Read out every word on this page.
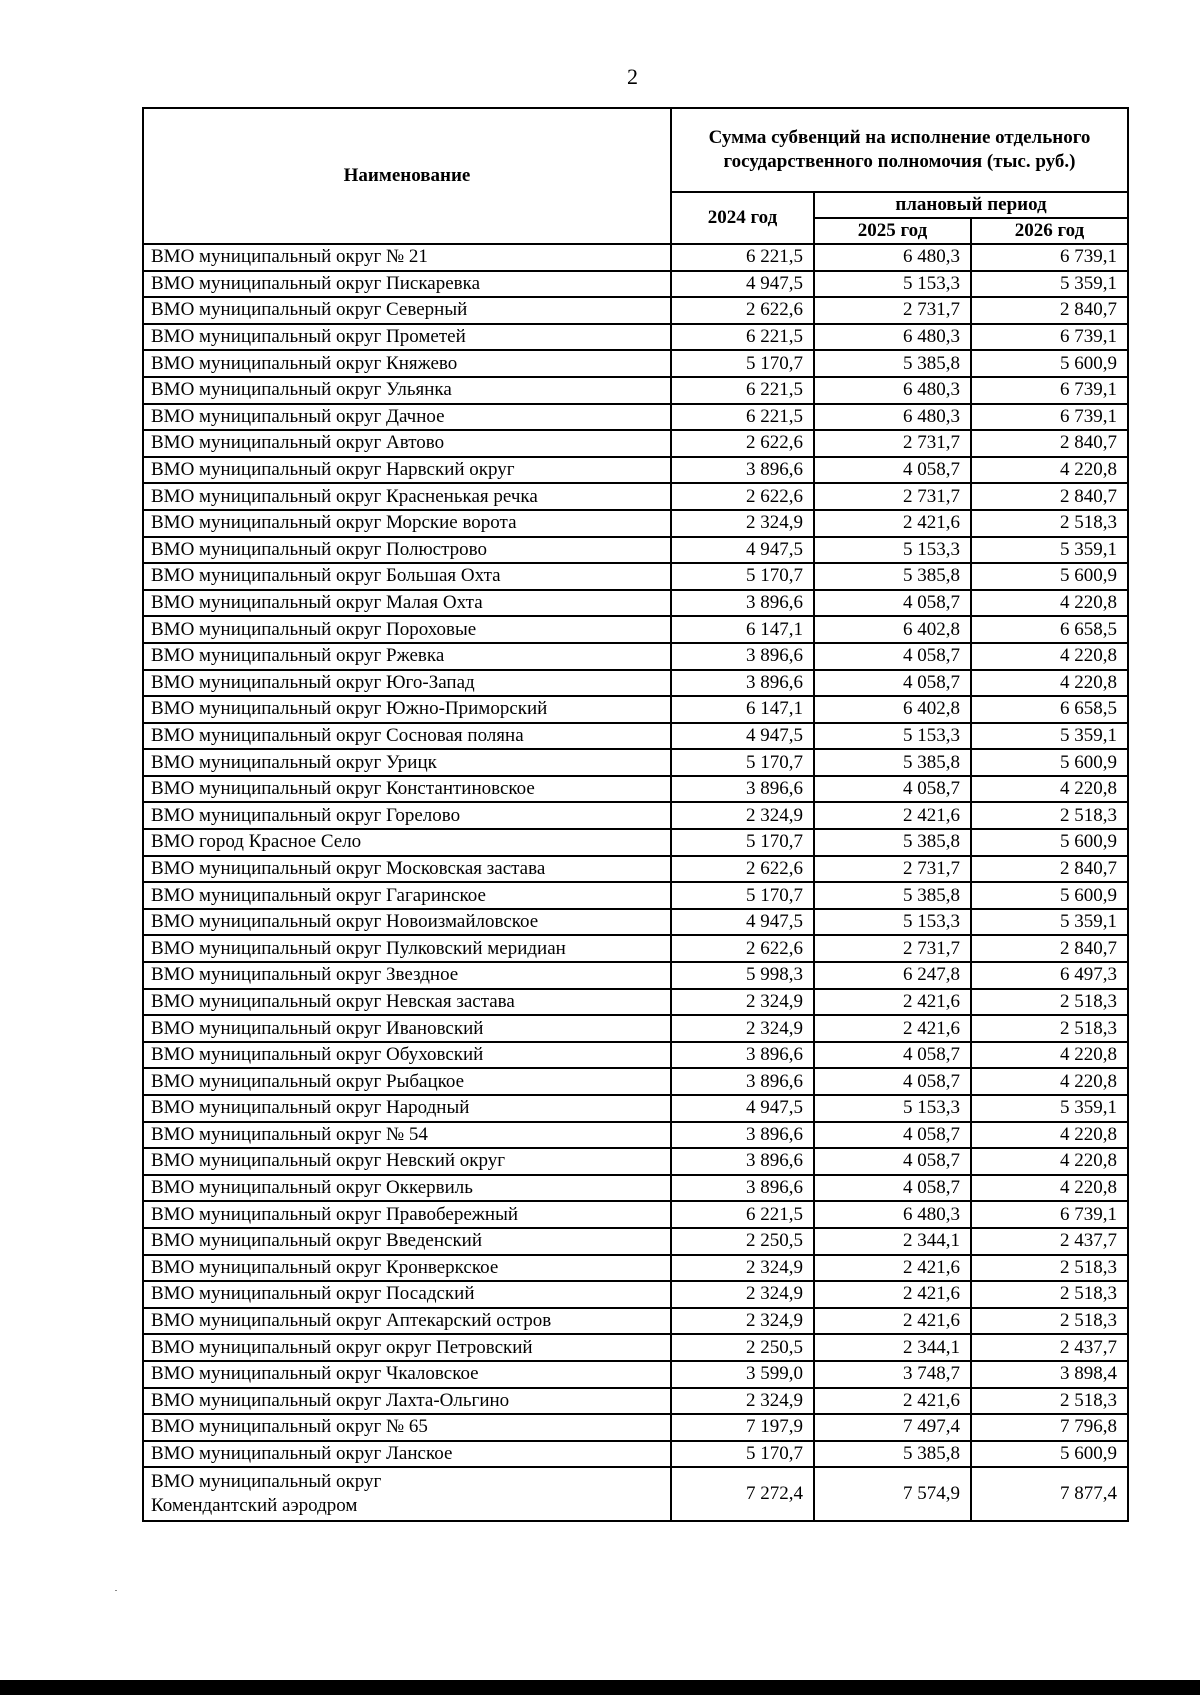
2
Наименование	Сумма субвенций на исполнение отдельного государственного полномочия (тыс. руб.)		
	2024 год	плановый период	
		2025 год	2026 год
ВМО муниципальный округ № 21	6 221,5	6 480,3	6 739,1
ВМО муниципальный округ Пискаревка	4 947,5	5 153,3	5 359,1
ВМО муниципальный округ Северный	2 622,6	2 731,7	2 840,7
ВМО муниципальный округ Прометей	6 221,5	6 480,3	6 739,1
ВМО муниципальный округ Княжево	5 170,7	5 385,8	5 600,9
ВМО муниципальный округ Ульянка	6 221,5	6 480,3	6 739,1
ВМО муниципальный округ Дачное	6 221,5	6 480,3	6 739,1
ВМО муниципальный округ Автово	2 622,6	2 731,7	2 840,7
ВМО муниципальный округ Нарвский округ	3 896,6	4 058,7	4 220,8
ВМО муниципальный округ Красненькая речка	2 622,6	2 731,7	2 840,7
ВМО муниципальный округ Морские ворота	2 324,9	2 421,6	2 518,3
ВМО муниципальный округ Полюстрово	4 947,5	5 153,3	5 359,1
ВМО муниципальный округ Большая Охта	5 170,7	5 385,8	5 600,9
ВМО муниципальный округ Малая Охта	3 896,6	4 058,7	4 220,8
ВМО муниципальный округ Пороховые	6 147,1	6 402,8	6 658,5
ВМО муниципальный округ Ржевка	3 896,6	4 058,7	4 220,8
ВМО муниципальный округ Юго-Запад	3 896,6	4 058,7	4 220,8
ВМО муниципальный округ Южно-Приморский	6 147,1	6 402,8	6 658,5
ВМО муниципальный округ Сосновая поляна	4 947,5	5 153,3	5 359,1
ВМО муниципальный округ Урицк	5 170,7	5 385,8	5 600,9
ВМО муниципальный округ Константиновское	3 896,6	4 058,7	4 220,8
ВМО муниципальный округ Горелово	2 324,9	2 421,6	2 518,3
ВМО город Красное Село	5 170,7	5 385,8	5 600,9
ВМО муниципальный округ Московская застава	2 622,6	2 731,7	2 840,7
ВМО муниципальный округ Гагаринское	5 170,7	5 385,8	5 600,9
ВМО муниципальный округ Новоизмайловское	4 947,5	5 153,3	5 359,1
ВМО муниципальный округ Пулковский меридиан	2 622,6	2 731,7	2 840,7
ВМО муниципальный округ Звездное	5 998,3	6 247,8	6 497,3
ВМО муниципальный округ Невская застава	2 324,9	2 421,6	2 518,3
ВМО муниципальный округ Ивановский	2 324,9	2 421,6	2 518,3
ВМО муниципальный округ Обуховский	3 896,6	4 058,7	4 220,8
ВМО муниципальный округ Рыбацкое	3 896,6	4 058,7	4 220,8
ВМО муниципальный округ Народный	4 947,5	5 153,3	5 359,1
ВМО муниципальный округ № 54	3 896,6	4 058,7	4 220,8
ВМО муниципальный округ Невский округ	3 896,6	4 058,7	4 220,8
ВМО муниципальный округ Оккервиль	3 896,6	4 058,7	4 220,8
ВМО муниципальный округ Правобережный	6 221,5	6 480,3	6 739,1
ВМО муниципальный округ Введенский	2 250,5	2 344,1	2 437,7
ВМО муниципальный округ Кронверкское	2 324,9	2 421,6	2 518,3
ВМО муниципальный округ Посадский	2 324,9	2 421,6	2 518,3
ВМО муниципальный округ Аптекарский остров	2 324,9	2 421,6	2 518,3
ВМО муниципальный округ округ Петровский	2 250,5	2 344,1	2 437,7
ВМО муниципальный округ Чкаловское	3 599,0	3 748,7	3 898,4
ВМО муниципальный округ Лахта-Ольгино	2 324,9	2 421,6	2 518,3
ВМО муниципальный округ № 65	7 197,9	7 497,4	7 796,8
ВМО муниципальный округ Ланское	5 170,7	5 385,8	5 600,9
ВМО муниципальный округ
Комендантский аэродром	7 272,4	7 574,9	7 877,4
